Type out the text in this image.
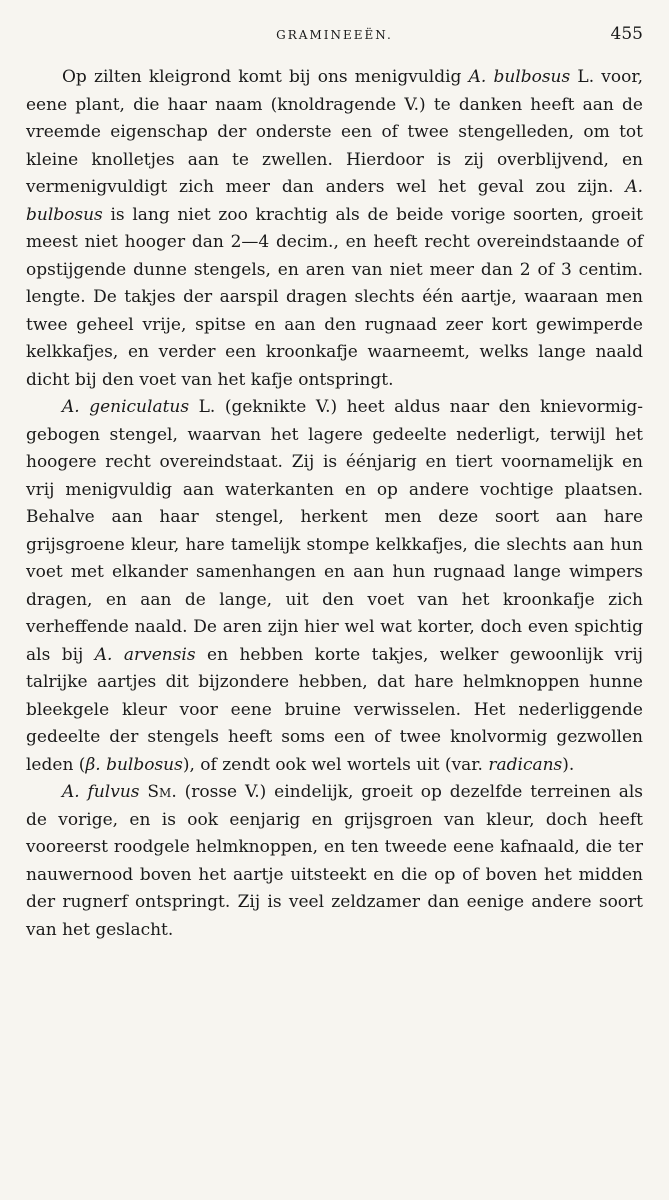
GRAMINEEËN.	455

Op zilten kleigrond komt bij ons menigvuldig A. bulbosus L. voor, eene plant, die haar naam (knoldragende V.) te danken heeft aan de vreemde eigenschap der onderste een of twee stengelleden, om tot kleine knolletjes aan te zwellen. Hierdoor is zij overblijvend, en vermenigvuldigt zich meer dan anders wel het geval zou zijn. A. bulbosus is lang niet zoo krachtig als de beide vorige soorten, groeit meest niet hooger dan 2—4 decim., en heeft recht overeindstaande of opstijgende dunne stengels, en aren van niet meer dan 2 of 3 centim. lengte. De takjes der aarspil dragen slechts één aartje, waaraan men twee geheel vrije, spitse en aan den rugnaad zeer kort gewimperde kelkkafjes, en verder een kroonkafje waarneemt, welks lange naald dicht bij den voet van het kafje ontspringt.

A. geniculatus L. (geknikte V.) heet aldus naar den knievormig-gebogen stengel, waarvan het lagere gedeelte nederligt, terwijl het hoogere recht overeindstaat. Zij is éénjarig en tiert voornamelijk en vrij menigvuldig aan waterkanten en op andere vochtige plaatsen. Behalve aan haar stengel, herkent men deze soort aan hare grijsgroene kleur, hare tamelijk stompe kelkkafjes, die slechts aan hun voet met elkander samenhangen en aan hun rugnaad lange wimpers dragen, en aan de lange, uit den voet van het kroonkafje zich verheffende naald. De aren zijn hier wel wat korter, doch even spichtig als bij A. arvensis en hebben korte takjes, welker gewoonlijk vrij talrijke aartjes dit bijzondere hebben, dat hare helmknoppen hunne bleekgele kleur voor eene bruine verwisselen. Het nederliggende gedeelte der stengels heeft soms een of twee knolvormig gezwollen leden (β. bulbosus), of zendt ook wel wortels uit (var. radicans).

A. fulvus Sm. (rosse V.) eindelijk, groeit op dezelfde terreinen als de vorige, en is ook eenjarig en grijsgroen van kleur, doch heeft vooreerst roodgele helmknoppen, en ten tweede eene kafnaald, die ter nauwernood boven het aartje uitsteekt en die op of boven het midden der rugnerf ontspringt. Zij is veel zeldzamer dan eenige andere soort van het geslacht.
